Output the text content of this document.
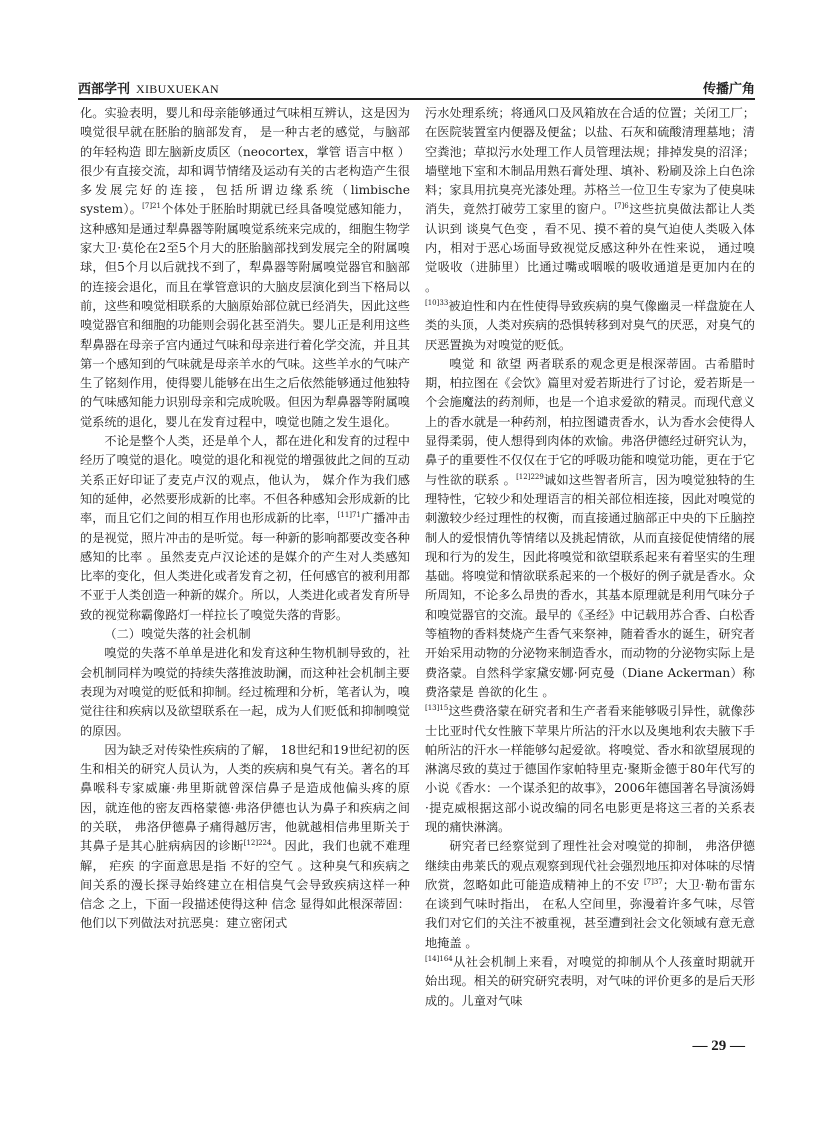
西部学刊 XIBUXUEKAN	传播广角

化。实验表明，婴儿和母亲能够通过气味相互辨认，这是因为嗅觉很早就在胚胎的脑部发育， 是一种古老的感觉，与脑部的年轻构造 即左脑新皮质区（neocortex，掌管 语言中枢 ）很少有直接交流，却和调节情绪及运动有关的古老构造产生很多发展完好的连接，包括所谓边缘系统（limbische system）。$^{[7]21}$个体处于胚胎时期就已经具备嗅觉感知能力，这种感知是通过犁鼻器等附属嗅觉系统来完成的，细胞生物学家大卫·莫伦在2至5个月大的胚胎脑部找到发展完全的附属嗅球，但5个月以后就找不到了，犁鼻器等附属嗅觉器官和脑部的连接会退化，而且在掌管意识的大脑皮层演化到当下格局以前，这些和嗅觉相联系的大脑原始部位就已经消失，因此这些嗅觉器官和细胞的功能则会弱化甚至消失。婴儿正是利用这些犁鼻器在母亲子宫内通过气味和母亲进行着化学交流，并且其第一个感知到的气味就是母亲羊水的气味。这些羊水的气味产生了铭刻作用，使得婴儿能够在出生之后依然能够通过他独特的气味感知能力识别母亲和完成吮吸。但因为犁鼻器等附属嗅觉系统的退化，婴儿在发育过程中，嗅觉也随之发生退化。

不论是整个人类，还是单个人，都在进化和发育的过程中经历了嗅觉的退化。嗅觉的退化和视觉的增强彼此之间的互动关系正好印证了麦克卢汉的观点，他认为， 媒介作为我们感知的延伸，必然要形成新的比率。不但各种感知会形成新的比率，而且它们之间的相互作用也形成新的比率，$^{[11]71}$广播冲击的是视觉，照片冲击的是听觉。每一种新的影响都要改变各种感知的比率 。虽然麦克卢汉论述的是媒介的产生对人类感知比率的变化，但人类进化或者发育之初，任何感官的被利用都不亚于人类创造一种新的媒介。所以，人类进化或者发育所导致的视觉称霸像路灯一样拉长了嗅觉失落的背影。

（二）嗅觉失落的社会机制

嗅觉的失落不单单是进化和发育这种生物机制导致的，社会机制同样为嗅觉的持续失落推波助澜，而这种社会机制主要表现为对嗅觉的贬低和抑制。经过梳理和分析，笔者认为，嗅觉往往和疾病以及欲望联系在一起，成为人们贬低和抑制嗅觉的原因。

因为缺乏对传染性疾病的了解， 18世纪和19世纪初的医生和相关的研究人员认为，人类的疾病和臭气有关。著名的耳鼻喉科专家威廉·弗里斯就曾深信鼻子是造成他偏头疼的原因，就连他的密友西格蒙德·弗洛伊德也认为鼻子和疾病之间的关联， 弗洛伊德鼻子痛得越厉害，他就越相信弗里斯关于其鼻子是其心脏病病因的诊断$^{[12]224}$。因此，我们也就不难理解， 疟疾 的字面意思是指 不好的空气 。这种臭气和疾病之间关系的漫长探寻始终建立在相信臭气会导致疾病这样一种 信念 之上，下面一段描述使得这种 信念 显得如此根深蒂固：他们以下列做法对抗恶臭：建立密闭式

污水处理系统；将通风口及风箱放在合适的位置；关闭工厂；在医院装置室内便器及便盆；以盐、石灰和硫酸清理墓地；清空粪池；草拟污水处理工作人员管理法规；排掉发臭的沼泽；墙壁地下室和木制品用熟石膏处理、填补、粉刷及涂上白色涂料；家具用抗臭亮光漆处理。苏格兰一位卫生专家为了使臭味消失，竟然打破劳工家里的窗户。$^{[7]6}$这些抗臭做法都让人类认识到 谈臭气色变 ，看不见、摸不着的臭气迫使人类吸入体内，相对于恶心场面导致视觉反感这种外在性来说， 通过嗅觉吸收（进肺里）比通过嘴或咽喉的吸收通道是更加内在的 。

$^{[10]33}$被迫性和内在性使得导致疾病的臭气像幽灵一样盘旋在人类的头顶，人类对疾病的恐惧转移到对臭气的厌恶，对臭气的厌恶置换为对嗅觉的贬低。

嗅觉 和 欲望 两者联系的观念更是根深蒂固。古希腊时期，柏拉图在《会饮》篇里对爱若斯进行了讨论，爱若斯是一个会施魔法的药剂师，也是一个追求爱欲的精灵。而现代意义上的香水就是一种药剂，柏拉图谴责香水，认为香水会使得人显得柔弱，使人想得到肉体的欢愉。弗洛伊德经过研究认为， 鼻子的重要性不仅仅在于它的呼吸功能和嗅觉功能，更在于它与性欲的联系 。$^{[12]229}$诚如这些智者所言，因为嗅觉独特的生理特性，它较少和处理语言的相关部位相连接，因此对嗅觉的刺激较少经过理性的权衡，而直接通过脑部正中央的下丘脑控制人的爱恨情仇等情绪以及挑起情欲，从而直接促使情绪的展现和行为的发生，因此将嗅觉和欲望联系起来有着坚实的生理基础。将嗅觉和情欲联系起来的一个极好的例子就是香水。众所周知，不论多么昂贵的香水，其基本原理就是利用气味分子和嗅觉器官的交流。最早的《圣经》中记载用苏合香、白松香等植物的香料焚烧产生香气来祭神，随着香水的诞生，研究者开始采用动物的分泌物来制造香水，而动物的分泌物实际上是费洛蒙。自然科学家黛安娜·阿克曼（Diane Ackerman）称费洛蒙是 兽欲的化生 。

$^{[13]15}$这些费洛蒙在研究者和生产者看来能够吸引异性，就像莎士比亚时代女性腋下苹果片所沾的汗水以及奥地利农夫腋下手帕所沾的汗水一样能够勾起爱欲。将嗅觉、香水和欲望展现的淋漓尽致的莫过于德国作家帕特里克·聚斯金德于80年代写的小说《香水：一个谋杀犯的故事》，2006年德国著名导演汤姆·提克威根据这部小说改编的同名电影更是将这三者的关系表现的痛快淋漓。

研究者已经察觉到了理性社会对嗅觉的抑制， 弗洛伊德继续由弗莱氏的观点观察到现代社会强烈地压抑对体味的尽情欣赏，忽略如此可能造成精神上的不安 $^{[7]37}$；大卫·勒布雷东在谈到气味时指出， 在私人空间里，弥漫着许多气味，尽管我们对它们的关注不被重视，甚至遭到社会文化领域有意无意地掩盖 。

$^{[14]164}$从社会机制上来看，对嗅觉的抑制从个人孩童时期就开始出现。相关的研究研究表明，对气味的评价更多的是后天形成的。儿童对气味

— 29 —
